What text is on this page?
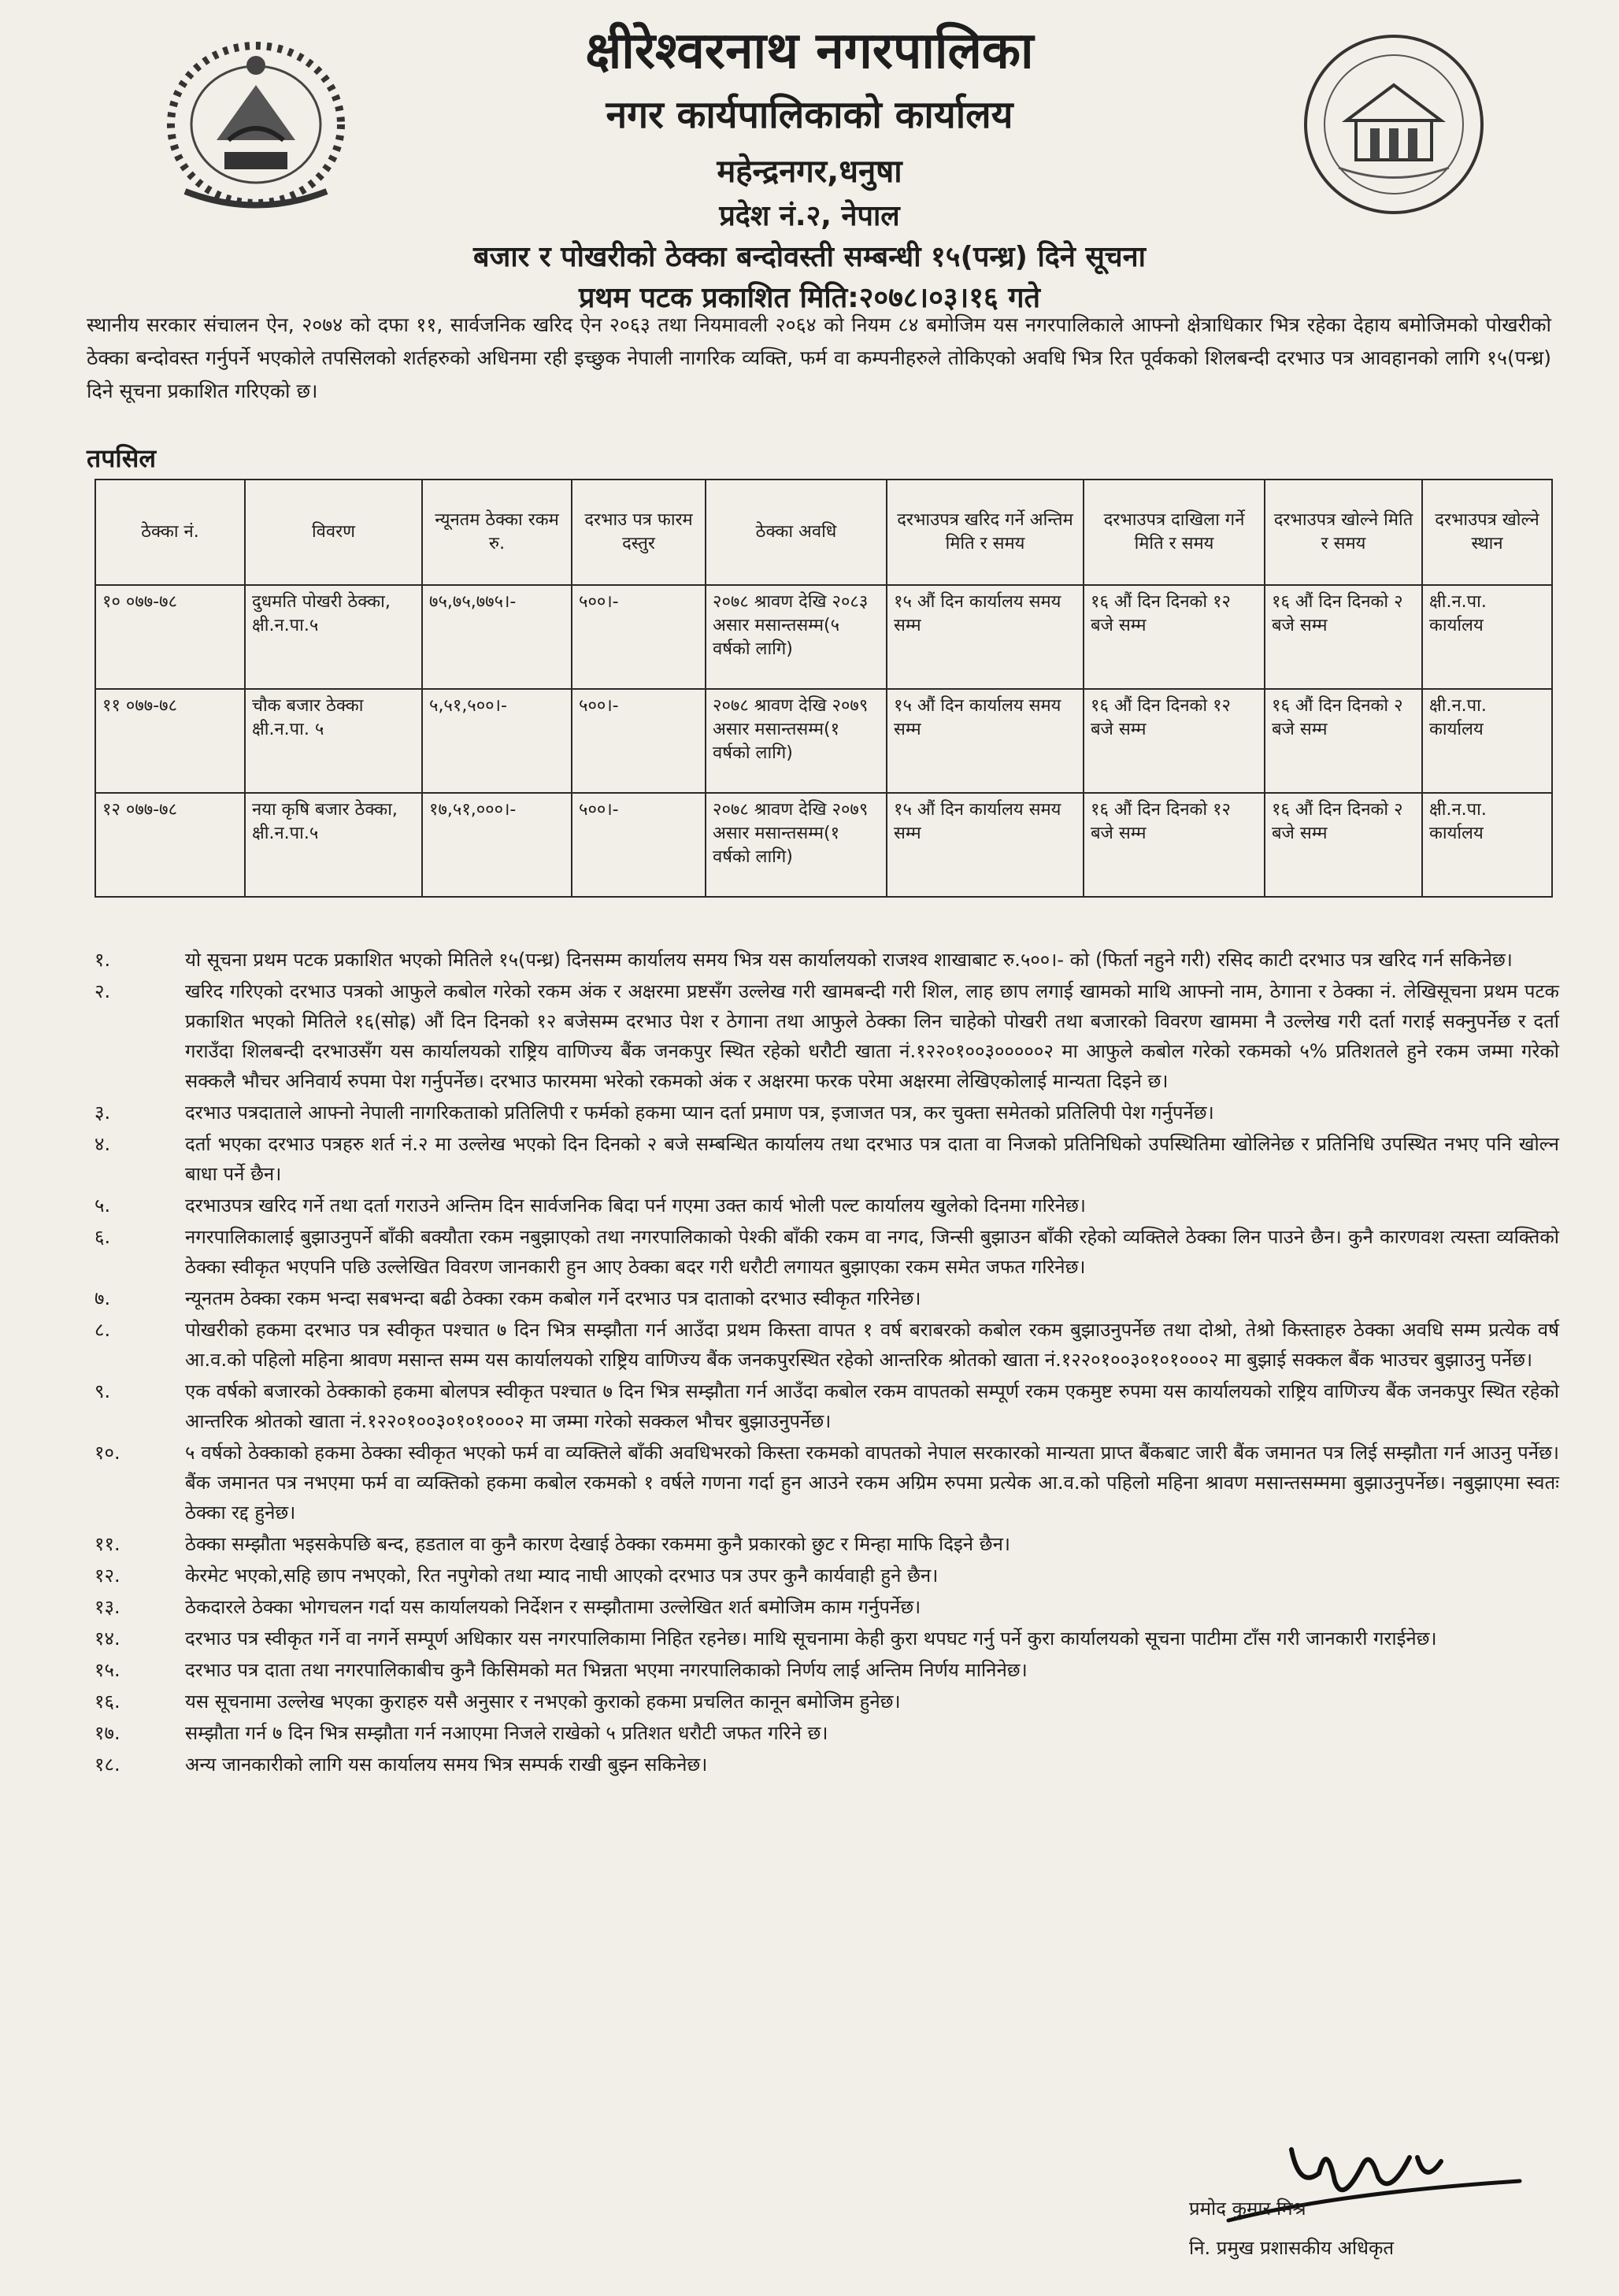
क्षीरेश्वरनाथ नगरपालिका
नगर कार्यपालिकाको कार्यालय
महेन्द्रनगर,धनुषा
प्रदेश नं.२, नेपाल
बजार र पोखरीको ठेक्का बन्दोवस्ती सम्बन्धी १५(पन्ध्र) दिने सूचना
प्रथम पटक प्रकाशित मिति:२०७८।०३।१६ गते
स्थानीय सरकार संचालन ऐन, २०७४ को दफा ११, सार्वजनिक खरिद ऐन २०६३ तथा नियमावली २०६४ को नियम ८४ बमोजिम यस नगरपालिकाले आफ्नो क्षेत्राधिकार भित्र रहेका देहाय बमोजिमको पोखरीको ठेक्का बन्दोवस्त गर्नुपर्ने भएकोले तपसिलको शर्तहरुको अधिनमा रही इच्छुक नेपाली नागरिक व्यक्ति, फर्म वा कम्पनीहरुले तोकिएको अवधि भित्र रित पूर्वकको शिलबन्दी दरभाउ पत्र आवहानको लागि १५(पन्ध्र) दिने सूचना प्रकाशित गरिएको छ।
तपसिल
ठेक्का नं.	विवरण	न्यूनतम ठेक्का रकम रु.	दरभाउ पत्र फारम दस्तुर	ठेक्का अवधि	दरभाउपत्र खरिद गर्ने अन्तिम मिति र समय	दरभाउपत्र दाखिला गर्ने मिति र समय	दरभाउपत्र खोल्ने मिति र समय	दरभाउपत्र खोल्ने स्थान
१० ०७७-७८	दुधमति पोखरी ठेक्का, क्षी.न.पा.५	७५,७५,७७५।-	५००।-	२०७८ श्रावण देखि २०८३ असार मसान्तसम्म(५ वर्षको लागि)	१५ औं दिन कार्यालय समय सम्म	१६ औं दिन दिनको १२ बजे सम्म	१६ औं दिन दिनको २ बजे सम्म	क्षी.न.पा. कार्यालय
११ ०७७-७८	चौक बजार ठेक्का क्षी.न.पा. ५	५,५१,५००।-	५००।-	२०७८ श्रावण देखि २०७९ असार मसान्तसम्म(१ वर्षको लागि)	१५ औं दिन कार्यालय समय सम्म	१६ औं दिन दिनको १२ बजे सम्म	१६ औं दिन दिनको २ बजे सम्म	क्षी.न.पा. कार्यालय
१२ ०७७-७८	नया कृषि बजार ठेक्का, क्षी.न.पा.५	१७,५१,०००।-	५००।-	२०७८ श्रावण देखि २०७९ असार मसान्तसम्म(१ वर्षको लागि)	१५ औं दिन कार्यालय समय सम्म	१६ औं दिन दिनको १२ बजे सम्म	१६ औं दिन दिनको २ बजे सम्म	क्षी.न.पा. कार्यालय
१.	यो सूचना प्रथम पटक प्रकाशित भएको मितिले १५(पन्ध्र) दिनसम्म कार्यालय समय भित्र यस कार्यालयको राजश्व शाखाबाट रु.५००।- को (फिर्ता नहुने गरी) रसिद काटी दरभाउ पत्र खरिद गर्न सकिनेछ।
२.	खरिद गरिएको दरभाउ पत्रको आफुले कबोल गरेको रकम अंक र अक्षरमा प्रष्टसँग उल्लेख गरी खामबन्दी गरी शिल, लाह छाप लगाई खामको माथि आफ्नो नाम, ठेगाना र ठेक्का नं. लेखिसूचना प्रथम पटक प्रकाशित भएको मितिले १६(सोह्र) औं दिन दिनको १२ बजेसम्म दरभाउ पेश र ठेगाना तथा आफुले ठेक्का लिन चाहेको पोखरी तथा बजारको विवरण खाममा नै उल्लेख गरी दर्ता गराई सक्नुपर्नेछ र दर्ता गराउँदा शिलबन्दी दरभाउसँग यस कार्यालयको राष्ट्रिय वाणिज्य बैंक जनकपुर स्थित रहेको धरौटी खाता नं.१२२०१००३०००००२ मा आफुले कबोल गरेको रकमको ५% प्रतिशतले हुने रकम जम्मा गरेको सक्कलै भौचर अनिवार्य रुपमा पेश गर्नुपर्नेछ। दरभाउ फारममा भरेको रकमको अंक र अक्षरमा फरक परेमा अक्षरमा लेखिएकोलाई मान्यता दिइने छ।
३.	दरभाउ पत्रदाताले आफ्नो नेपाली नागरिकताको प्रतिलिपी र फर्मको हकमा प्यान दर्ता प्रमाण पत्र, इजाजत पत्र, कर चुक्ता समेतको प्रतिलिपी पेश गर्नुपर्नेछ।
४.	दर्ता भएका दरभाउ पत्रहरु शर्त नं.२ मा उल्लेख भएको दिन दिनको २ बजे सम्बन्धित कार्यालय तथा दरभाउ पत्र दाता वा निजको प्रतिनिधिको उपस्थितिमा खोलिनेछ र प्रतिनिधि उपस्थित नभए पनि खोल्न बाधा पर्ने छैन।
५.	दरभाउपत्र खरिद गर्ने तथा दर्ता गराउने अन्तिम दिन सार्वजनिक बिदा पर्न गएमा उक्त कार्य भोली पल्ट कार्यालय खुलेको दिनमा गरिनेछ।
६.	नगरपालिकालाई बुझाउनुपर्ने बाँकी बक्यौता रकम नबुझाएको तथा नगरपालिकाको पेश्की बाँकी रकम वा नगद, जिन्सी बुझाउन बाँकी रहेको व्यक्तिले ठेक्का लिन पाउने छैन। कुनै कारणवश त्यस्ता व्यक्तिको ठेक्का स्वीकृत भएपनि पछि उल्लेखित विवरण जानकारी हुन आए ठेक्का बदर गरी धरौटी लगायत बुझाएका रकम समेत जफत गरिनेछ।
७.	न्यूनतम ठेक्का रकम भन्दा सबभन्दा बढी ठेक्का रकम कबोल गर्ने दरभाउ पत्र दाताको दरभाउ स्वीकृत गरिनेछ।
८.	पोखरीको हकमा दरभाउ पत्र स्वीकृत पश्चात ७ दिन भित्र सम्झौता गर्न आउँदा प्रथम किस्ता वापत १ वर्ष बराबरको कबोल रकम बुझाउनुपर्नेछ तथा दोश्रो, तेश्रो किस्ताहरु ठेक्का अवधि सम्म प्रत्येक वर्ष आ.व.को पहिलो महिना श्रावण मसान्त सम्म यस कार्यालयको राष्ट्रिय वाणिज्य बैंक जनकपुरस्थित रहेको आन्तरिक श्रोतको खाता नं.१२२०१००३०१०१०००२ मा बुझाई सक्कल बैंक भाउचर बुझाउनु पर्नेछ।
९.	एक वर्षको बजारको ठेक्काको हकमा बोलपत्र स्वीकृत पश्चात ७ दिन भित्र सम्झौता गर्न आउँदा कबोल रकम वापतको सम्पूर्ण रकम एकमुष्ट रुपमा यस कार्यालयको राष्ट्रिय वाणिज्य बैंक जनकपुर स्थित रहेको आन्तरिक श्रोतको खाता नं.१२२०१००३०१०१०००२ मा जम्मा गरेको सक्कल भौचर बुझाउनुपर्नेछ।
१०.	५ वर्षको ठेक्काको हकमा ठेक्का स्वीकृत भएको फर्म वा व्यक्तिले बाँकी अवधिभरको किस्ता रकमको वापतको नेपाल सरकारको मान्यता प्राप्त बैंकबाट जारी बैंक जमानत पत्र लिई सम्झौता गर्न आउनु पर्नेछ। बैंक जमानत पत्र नभएमा फर्म वा व्यक्तिको हकमा कबोल रकमको १ वर्षले गणना गर्दा हुन आउने रकम अग्रिम रुपमा प्रत्येक आ.व.को पहिलो महिना श्रावण मसान्तसम्ममा बुझाउनुपर्नेछ। नबुझाएमा स्वतः ठेक्का रद्द हुनेछ।
११.	ठेक्का सम्झौता भइसकेपछि बन्द, हडताल वा कुनै कारण देखाई ठेक्का रकममा कुनै प्रकारको छुट र मिन्हा माफि दिइने छैन।
१२.	केरमेट भएको,सहि छाप नभएको, रित नपुगेको तथा म्याद नाघी आएको दरभाउ पत्र उपर कुनै कार्यवाही हुने छैन।
१३.	ठेकदारले ठेक्का भोगचलन गर्दा यस कार्यालयको निर्देशन र सम्झौतामा उल्लेखित शर्त बमोजिम काम गर्नुपर्नेछ।
१४.	दरभाउ पत्र स्वीकृत गर्ने वा नगर्ने सम्पूर्ण अधिकार यस नगरपालिकामा निहित रहनेछ। माथि सूचनामा केही कुरा थपघट गर्नु पर्ने कुरा कार्यालयको सूचना पाटीमा टाँस गरी जानकारी गराईनेछ।
१५.	दरभाउ पत्र दाता तथा नगरपालिकाबीच कुनै किसिमको मत भिन्नता भएमा नगरपालिकाको निर्णय लाई अन्तिम निर्णय मानिनेछ।
१६.	यस सूचनामा उल्लेख भएका कुराहरु यसै अनुसार र नभएको कुराको हकमा प्रचलित कानून बमोजिम हुनेछ।
१७.	सम्झौता गर्न ७ दिन भित्र सम्झौता गर्न नआएमा निजले राखेको ५ प्रतिशत धरौटी जफत गरिने छ।
१८.	अन्य जानकारीको लागि यस कार्यालय समय भित्र सम्पर्क राखी बुझ्न सकिनेछ।
प्रमोद कुमार मिश्र
नि. प्रमुख प्रशासकीय अधिकृत
